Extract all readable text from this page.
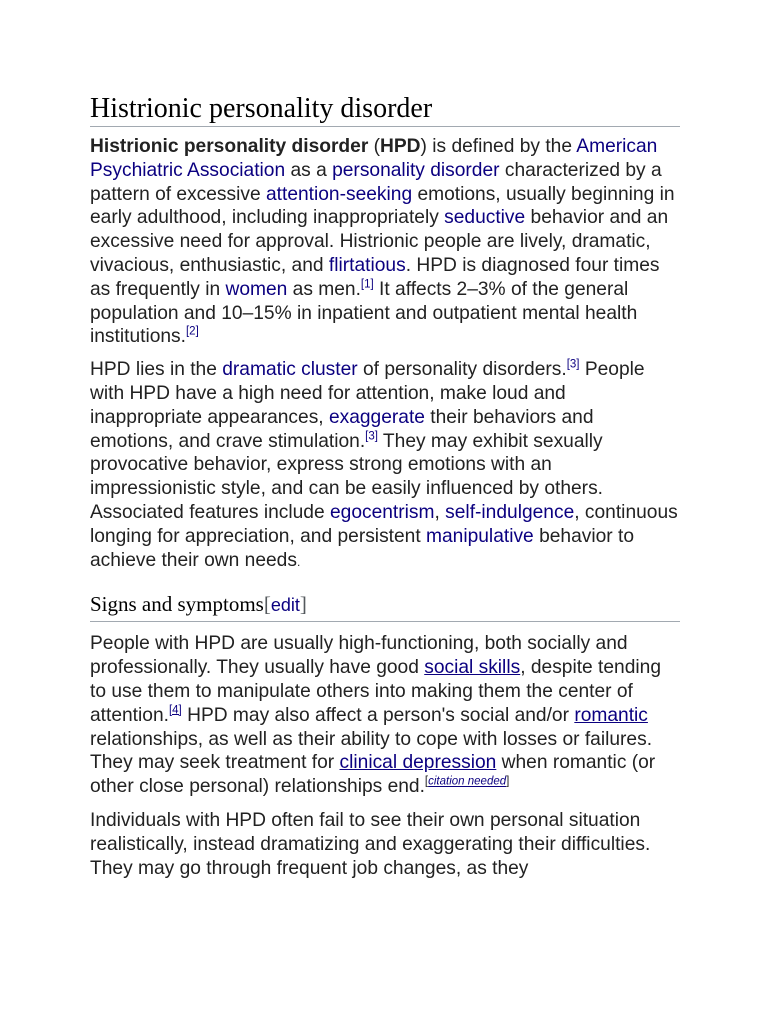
Histrionic personality disorder

Histrionic personality disorder (HPD) is defined by the American Psychiatric Association as a personality disorder characterized by a pattern of excessive attention-seeking emotions, usually beginning in early adulthood, including inappropriately seductive behavior and an excessive need for approval. Histrionic people are lively, dramatic, vivacious, enthusiastic, and flirtatious. HPD is diagnosed four times as frequently in women as men.[1] It affects 2–3% of the general population and 10–15% in inpatient and outpatient mental health institutions.[2]

HPD lies in the dramatic cluster of personality disorders.[3] People with HPD have a high need for attention, make loud and inappropriate appearances, exaggerate their behaviors and emotions, and crave stimulation.[3] They may exhibit sexually provocative behavior, express strong emotions with an impressionistic style, and can be easily influenced by others. Associated features include egocentrism, self-indulgence, continuous longing for appreciation, and persistent manipulative behavior to achieve their own needs.

Signs and symptoms[edit]

People with HPD are usually high-functioning, both socially and professionally. They usually have good social skills, despite tending to use them to manipulate others into making them the center of attention.[4] HPD may also affect a person's social and/or romantic relationships, as well as their ability to cope with losses or failures. They may seek treatment for clinical depression when romantic (or other close personal) relationships end.[citation needed]

Individuals with HPD often fail to see their own personal situation realistically, instead dramatizing and exaggerating their difficulties. They may go through frequent job changes, as they
